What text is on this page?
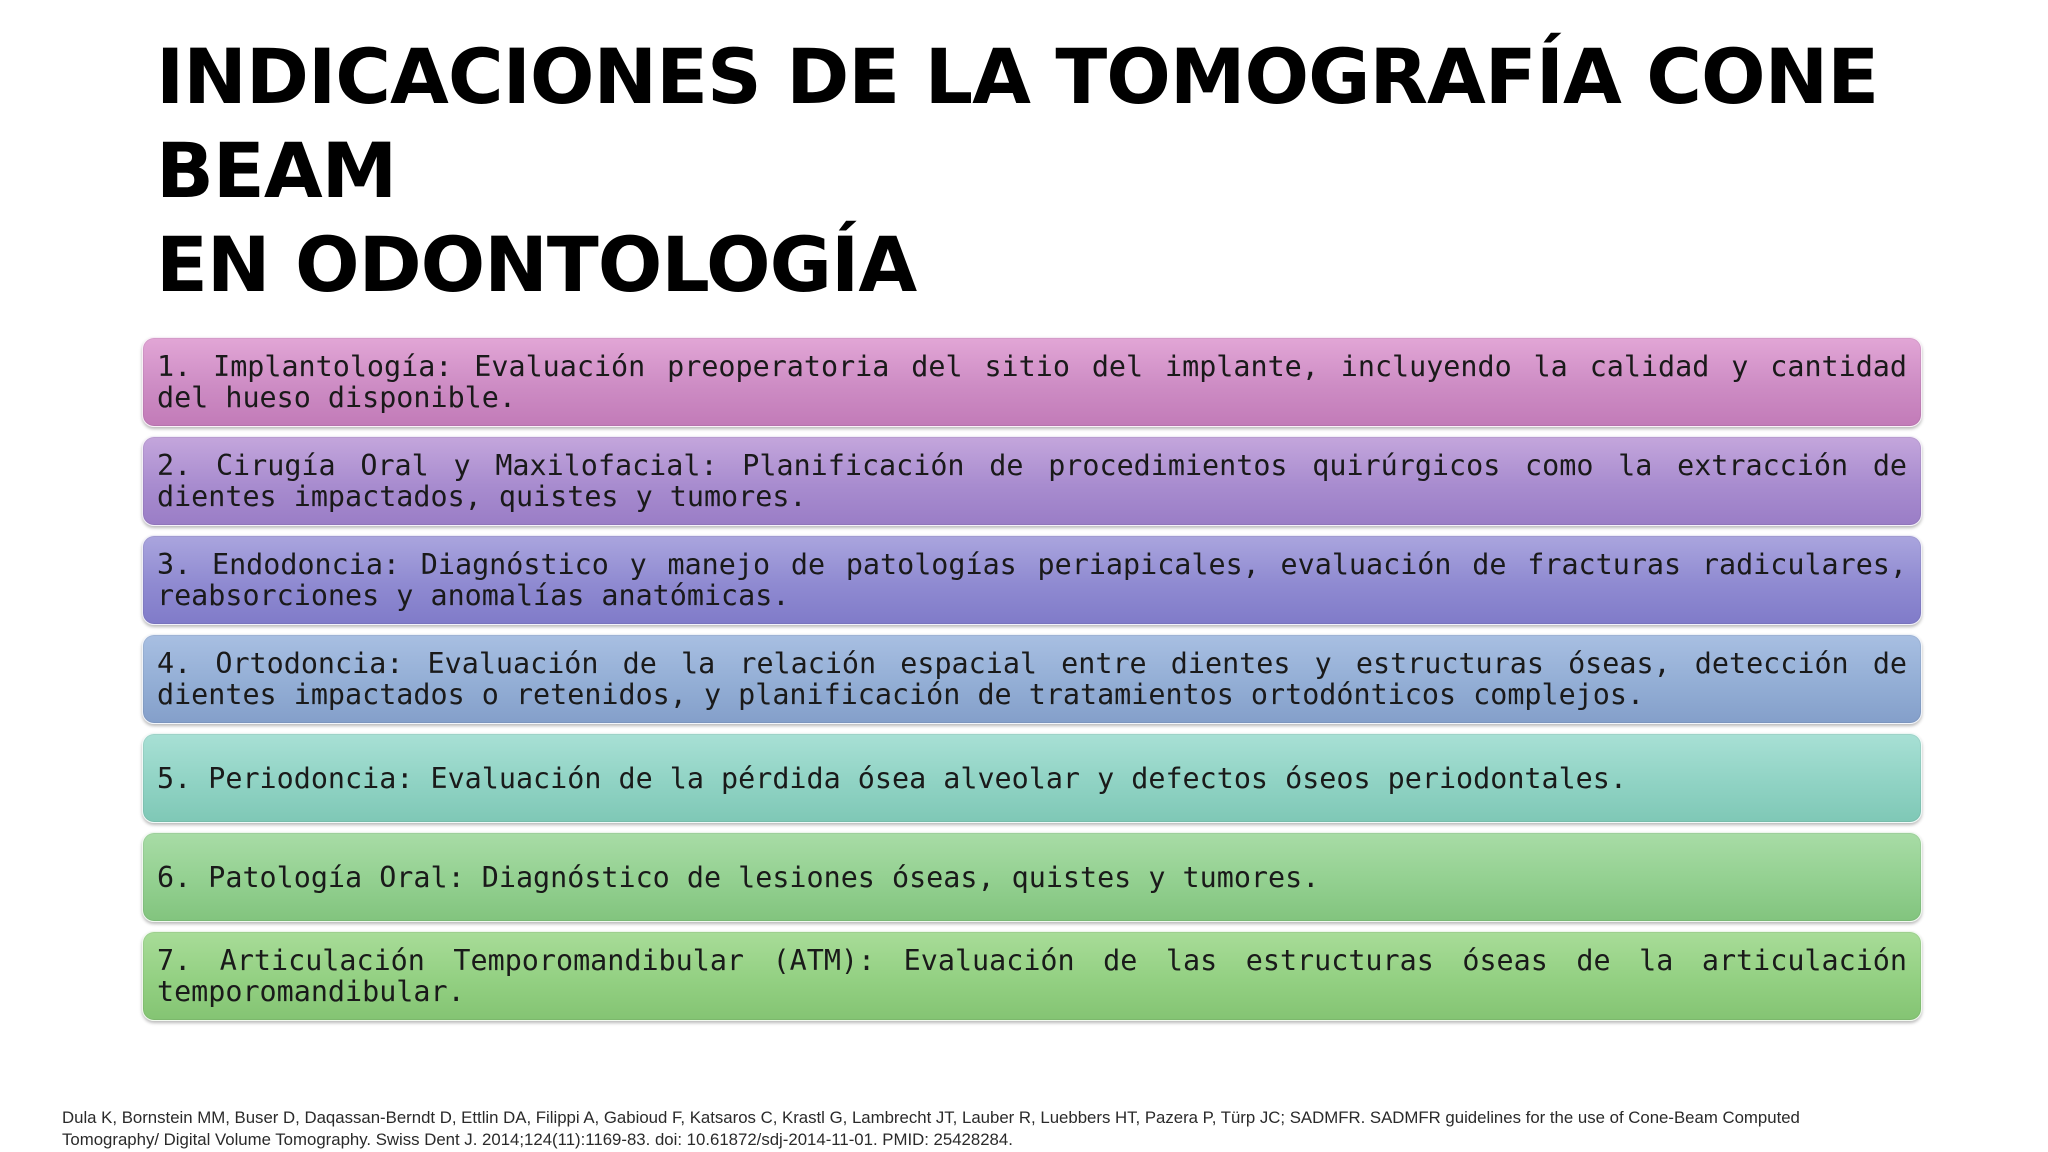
INDICACIONES DE LA TOMOGRAFÍA CONE BEAM
EN ODONTOLOGÍA
1. Implantología: Evaluación preoperatoria del sitio del implante, incluyendo la calidad y cantidad del hueso disponible.
2. Cirugía Oral y Maxilofacial: Planificación de procedimientos quirúrgicos como la extracción de dientes impactados, quistes y tumores.
3. Endodoncia: Diagnóstico y manejo de patologías periapicales, evaluación de fracturas radiculares, reabsorciones y anomalías anatómicas.
4. Ortodoncia: Evaluación de la relación espacial entre dientes y estructuras óseas, detección de dientes impactados o retenidos, y planificación de tratamientos ortodónticos complejos.
5. Periodoncia: Evaluación de la pérdida ósea alveolar y defectos óseos periodontales.
6. Patología Oral: Diagnóstico de lesiones óseas, quistes y tumores.
7. Articulación Temporomandibular (ATM): Evaluación de las estructuras óseas de la articulación temporomandibular.

Dula K, Bornstein MM, Buser D, Daqassan-Berndt D, Ettlin DA, Filippi A, Gabioud F, Katsaros C, Krastl G, Lambrecht JT, Lauber R, Luebbers HT, Pazera P, Türp JC; SADMFR. SADMFR guidelines for the use of Cone-Beam Computed
Tomography/ Digital Volume Tomography. Swiss Dent J. 2014;124(11):1169-83. doi: 10.61872/sdj-2014-11-01. PMID: 25428284.
